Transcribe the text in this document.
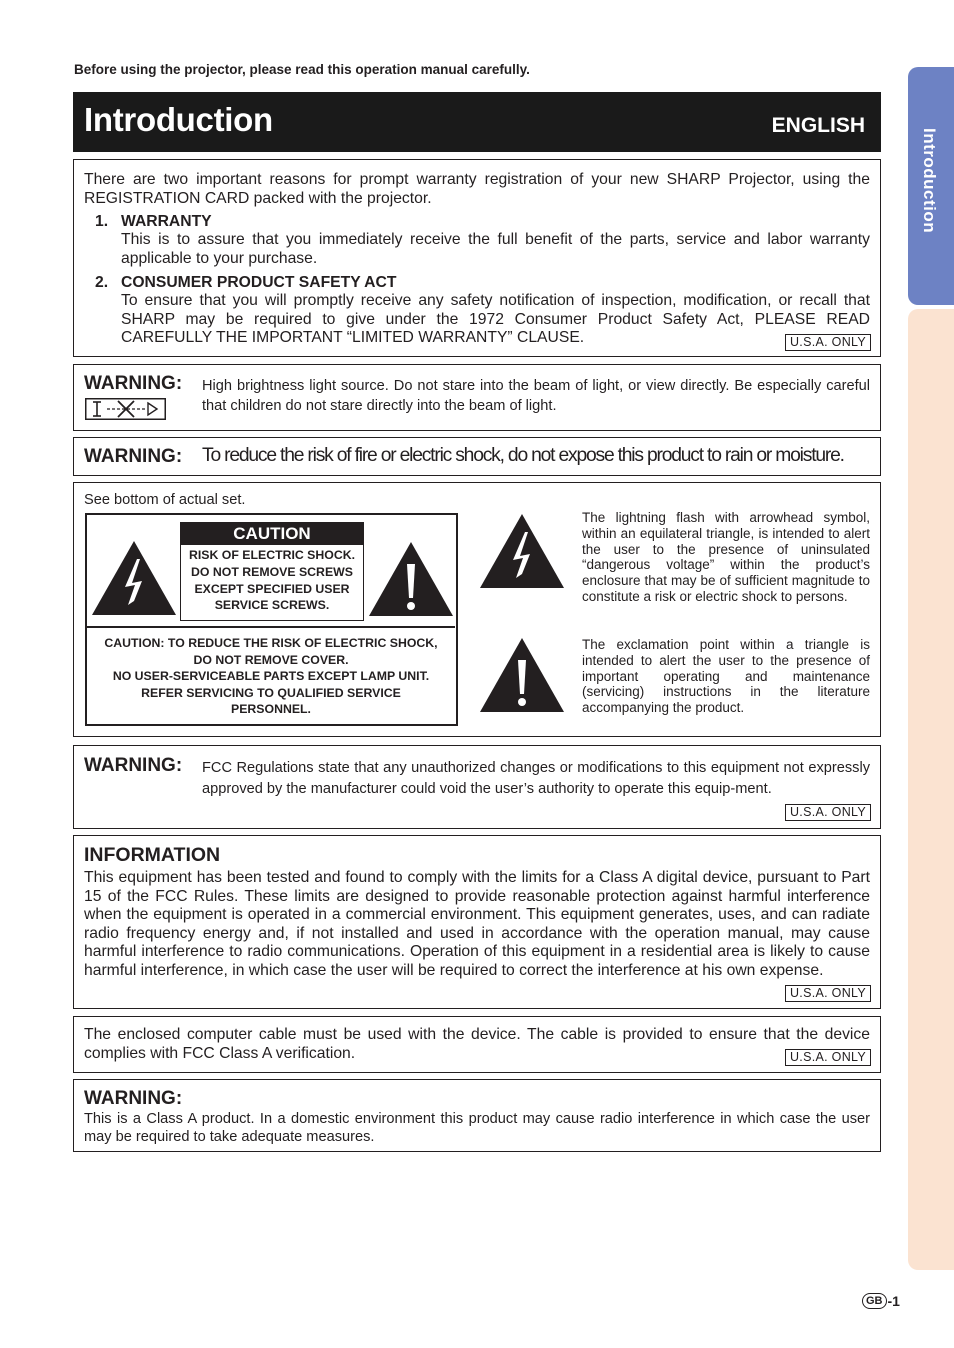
Introduction
Before using the projector, please read this operation manual carefully.
Introduction	ENGLISH
There are two important reasons for prompt warranty registration of your new SHARP Projector, using the REGISTRATION CARD packed with the projector.
1. WARRANTY
This is to assure that you immediately receive the full benefit of the parts, service and labor warranty applicable to your purchase.
2. CONSUMER PRODUCT SAFETY ACT
To ensure that you will promptly receive any safety notification of inspection, modification, or recall that SHARP may be required to give under the 1972 Consumer Product Safety Act, PLEASE READ CAREFULLY THE IMPORTANT “LIMITED WARRANTY” CLAUSE.	U.S.A. ONLY
WARNING: High brightness light source. Do not stare into the beam of light, or view directly. Be especially careful that children do not stare directly into the beam of light.
WARNING: To reduce the risk of fire or electric shock, do not expose this product to rain or moisture.
See bottom of actual set.
CAUTION
RISK OF ELECTRIC SHOCK.
DO NOT REMOVE SCREWS
EXCEPT SPECIFIED USER
SERVICE SCREWS.
CAUTION: TO REDUCE THE RISK OF ELECTRIC SHOCK,
DO NOT REMOVE COVER.
NO USER-SERVICEABLE PARTS EXCEPT LAMP UNIT.
REFER SERVICING TO QUALIFIED SERVICE
PERSONNEL.
The lightning flash with arrowhead symbol, within an equilateral triangle, is intended to alert the user to the presence of uninsulated “dangerous voltage” within the product’s enclosure that may be of sufficient magnitude to constitute a risk or electric shock to persons.
The exclamation point within a triangle is intended to alert the user to the presence of important operating and maintenance (servicing) instructions in the literature accompanying the product.
WARNING: FCC Regulations state that any unauthorized changes or modifications to this equipment not expressly approved by the manufacturer could void the user’s authority to operate this equip-ment.
U.S.A. ONLY
INFORMATION
This equipment has been tested and found to comply with the limits for a Class A digital device, pursuant to Part 15 of the FCC Rules. These limits are designed to provide reasonable protection against harmful interference when the equipment is operated in a commercial environment. This equipment generates, uses, and can radiate radio frequency energy and, if not installed and used in accordance with the operation manual, may cause harmful interference to radio communications. Operation of this equipment in a residential area is likely to cause harmful interference, in which case the user will be required to correct the interference at his own expense.
U.S.A. ONLY
The enclosed computer cable must be used with the device. The cable is provided to ensure that the device complies with FCC Class A verification.	U.S.A. ONLY
WARNING:
This is a Class A product. In a domestic environment this product may cause radio interference in which case the user may be required to take adequate measures.
GB -1
